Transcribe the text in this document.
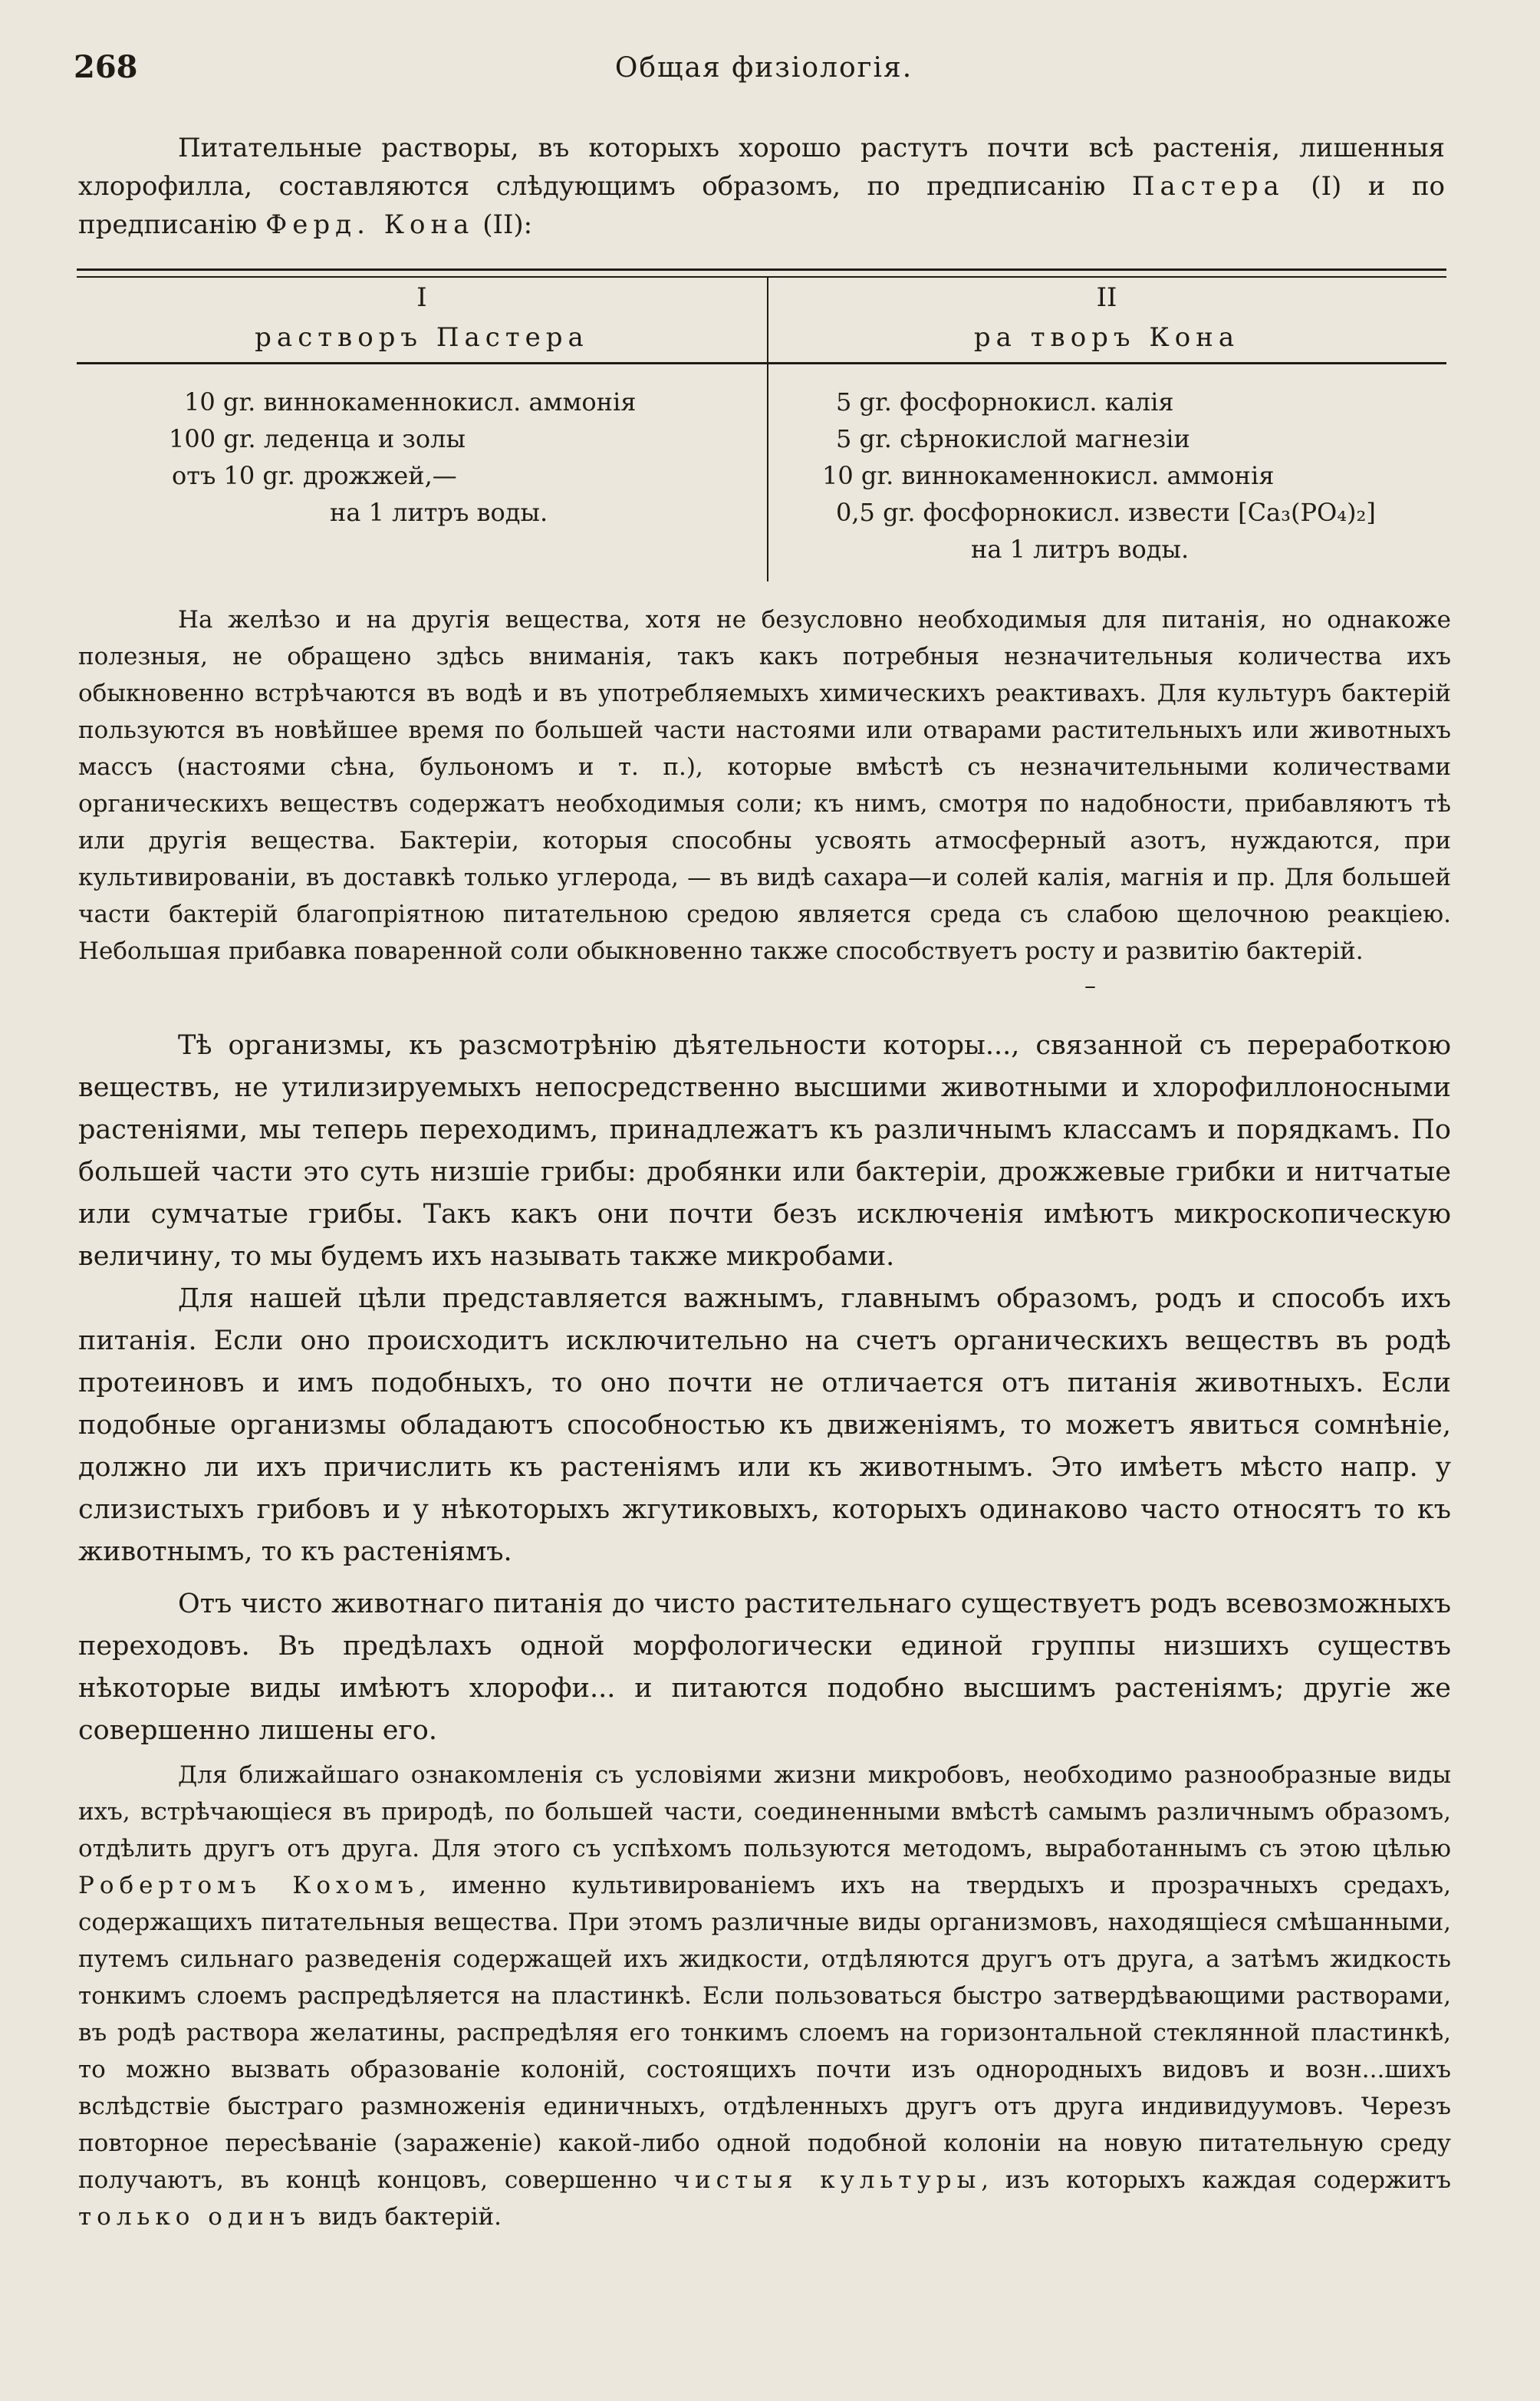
268	Общая физiологiя.

Питательные растворы, въ которыхъ хорошо растутъ почти всѣ растенiя, лишенныя хлорофилла, составляются слѣдующимъ образомъ, по предписанiю Пастера (I) и по предписанiю Ферд. Кона (II):

I
растворъ Пастера
II
ра творъ Кона
10 gr. виннокаменнокисл. аммонiя
100 gr. леденца и золы
отъ 10 gr. дрожжей,—
на 1 литръ воды.
5 gr. фосфорнокисл. калiя
5 gr. сѣрнокислой магнезiи
10 gr. виннокаменнокисл. аммонiя
0,5 gr. фосфорнокисл. извести [Ca₃(PO₄)₂]
на 1 литръ воды.

На желѣзо и на другiя вещества, хотя не безусловно необходимыя для питанiя, но однакоже полезныя, не обращено здѣсь вниманiя, такъ какъ потребныя незначительныя количества ихъ обыкновенно встрѣчаются въ водѣ и въ употребляемыхъ химическихъ реактивахъ. Для культуръ бактерiй пользуются въ новѣйшее время по большей части настоями или отварами растительныхъ или животныхъ массъ (настоями сѣна, бульономъ и т. п.), которые вмѣстѣ съ незначительными количествами органическихъ веществъ содержатъ необходимыя соли; къ нимъ, смотря по надобности, прибавляютъ тѣ или другiя вещества. Бактерiи, которыя способны усвоять атмосферный азотъ, нуждаются, при культивированiи, въ доставкѣ только углерода, — въ видѣ сахара—и солей калiя, магнiя и пр. Для большей части бактерiй благопрiятною питательною средою является среда съ слабою щелочною реакцiею. Небольшая прибавка поваренной соли обыкновенно также способствуетъ росту и развитiю бактерiй.

–

Тѣ организмы, къ разсмотрѣнiю дѣятельности которы..., связанной съ переработкою веществъ, не утилизируемыхъ непосредственно высшими животными и хлорофиллоносными растенiями, мы теперь переходимъ, принадлежатъ къ различнымъ классамъ и порядкамъ. По большей части это суть низшiе грибы: дробянки или бактерiи, дрожжевые грибки и нитчатые или сумчатые грибы. Такъ какъ они почти безъ исключенiя имѣютъ микроскопическую величину, то мы будемъ ихъ называть также микробами.

Для нашей цѣли представляется важнымъ, главнымъ образомъ, родъ и способъ ихъ питанiя. Если оно происходитъ исключительно на счетъ органическихъ веществъ въ родѣ протеиновъ и имъ подобныхъ, то оно почти не отличается отъ питанiя животныхъ. Если подобные организмы обладаютъ способностью къ движенiямъ, то можетъ явиться сомнѣнiе, должно ли ихъ причислить къ растенiямъ или къ животнымъ. Это имѣетъ мѣсто напр. у слизистыхъ грибовъ и у нѣкоторыхъ жгутиковыхъ, которыхъ одинаково часто относятъ то къ животнымъ, то къ растенiямъ.

Отъ чисто животнаго питанiя до чисто растительнаго существуетъ родъ всевозможныхъ переходовъ. Въ предѣлахъ одной морфологически единой группы низшихъ существъ нѣкоторые виды имѣютъ хлорофи... и питаются подобно высшимъ растенiямъ; другiе же совершенно лишены его.

Для ближайшаго ознакомленiя съ условiями жизни микробовъ, необходимо разнообразные виды ихъ, встрѣчающiеся въ природѣ, по большей части, соединенными вмѣстѣ самымъ различнымъ образомъ, отдѣлить другъ отъ друга. Для этого съ успѣхомъ пользуются методомъ, выработаннымъ съ этою цѣлью Робертомъ Кохомъ, именно культивированiемъ ихъ на твердыхъ и прозрачныхъ средахъ, содержащихъ питательныя вещества. При этомъ различные виды организмовъ, находящiеся смѣшанными, путемъ сильнаго разведенiя содержащей ихъ жидкости, отдѣляются другъ отъ друга, а затѣмъ жидкость тонкимъ слоемъ распредѣляется на пластинкѣ. Если пользоваться быстро затвердѣвающими растворами, въ родѣ раствора желатины, распредѣляя его тонкимъ слоемъ на горизонтальной стеклянной пластинкѣ, то можно вызвать образованiе колонiй, состоящихъ почти изъ однородныхъ видовъ и возн...шихъ вслѣдствiе быстраго размноженiя единичныхъ, отдѣленныхъ другъ отъ друга индивидуумовъ. Черезъ повторное пересѣванiе (зараженiе) какой-либо одной подобной колонiи на новую питательную среду получаютъ, въ концѣ концовъ, совершенно чистыя культуры, изъ которыхъ каждая содержитъ только одинъ видъ бактерiй.
